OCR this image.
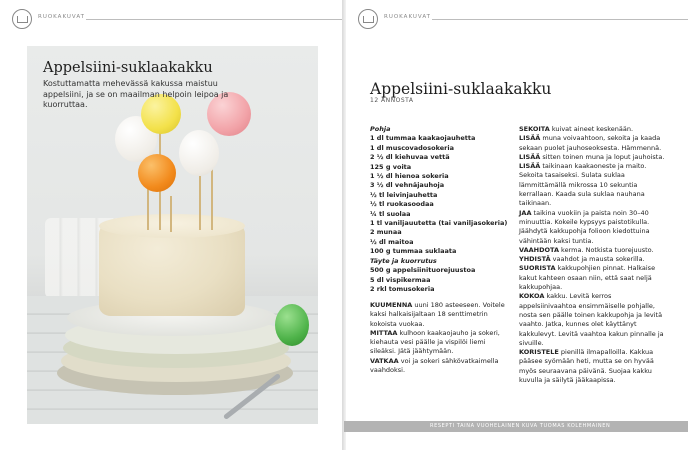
RUOKAKUVAT
Appelsiini-suklaakakku
Kostuttamatta mehevässä kakussa maistuu appelsiini, ja se on maailman helpoin leipoa ja kuorruttaa.
RUOKAKUVAT
Appelsiini-suklaakakku
12 ANNOSTA
Pohja
1 dl tummaa kaakaojauhetta
1 dl muscovadosokeria
2 ½ dl kiehuvaa vettä
125 g voita
1 ½ dl hienoa sokeria
3 ½ dl vehnäjauhoja
½ tl leivinjauhetta
½ tl ruokasoodaa
¼ tl suolaa
1 tl vaniljauutetta (tai vaniljasokeria)
2 munaa
½ dl maitoa
100 g tummaa suklaata
Täyte ja kuorrutus
500 g appelsiinituorejuustoa
5 dl vispikermaa
2 rkl tomusokeria
KUUMENNA uuni 180 asteeseen. Voitele kaksi halkaisijaltaan 18 senttimetrin kokoista vuokaa.
MITTAA kulhoon kaakaojauho ja sokeri, kiehauta vesi päälle ja vispilöi liemi sileäksi. Jätä jäähtymään.
VATKAA voi ja sokeri sähkövatkaimella vaahdoksi.
SEKOITA kuivat aineet keskenään.
LISÄÄ muna voivaahtoon, sekoita ja kaada sekaan puolet jauhoseoksesta. Hämmennä.
LISÄÄ sitten toinen muna ja loput jauhoista.
LISÄÄ taikinaan kaakaoneste ja maito. Sekoita tasaiseksi. Sulata suklaa lämmittämällä mikrossa 10 sekuntia kerrallaan. Kaada sula suklaa nauhana taikinaan.
JAA taikina vuokiin ja paista noin 30–40 minuuttia. Kokeile kypsyys paistotikulla. Jäähdytä kakkupohja folioon kiedottuina vähintään kaksi tuntia.
VAAHDOTA kerma. Notkista tuorejuusto.
YHDISTÄ vaahdot ja mausta sokerilla.
SUORISTA kakkupohjien pinnat. Halkaise kakut kahteen osaan niin, että saat neljä kakkupohjaa.
KOKOA kakku. Levitä kerros appelsiinivaahtoa ensimmäiselle pohjalle, nosta sen päälle toinen kakkupohja ja levitä vaahto. Jatka, kunnes olet käyttänyt kakkulevyt. Levitä vaahtoa kakun pinnalle ja sivuille.
KORISTELE pienillä ilmapalloilla. Kakkua pääsee syömään heti, mutta se on hyvää myös seuraavana päivänä. Suojaa kakku kuvulla ja säilytä jääkaapissa.
RESEPTI TAINA VUOHELAINEN KUVA TUOMAS KOLEHMAINEN
